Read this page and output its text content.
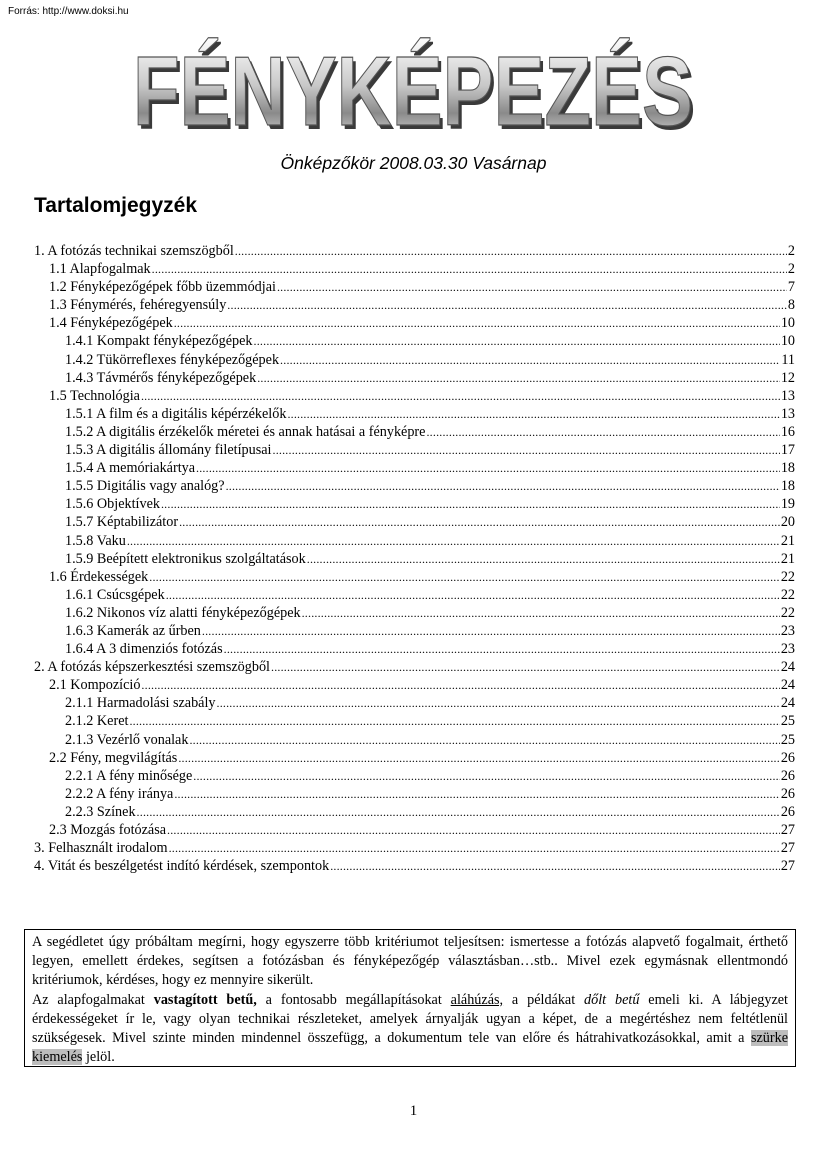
Forrás: http://www.doksi.hu
FÉNYKÉPEZÉS
FÉNYKÉPEZÉS
Önképzőkör 2008.03.30 Vasárnap
Tartalomjegyzék
1. A fotózás technikai szemszögből .....	2
1.1 Alapfogalmak .....	2
1.2 Fényképezőgépek főbb üzemmódjai .....	7
1.3 Fénymérés, fehéregyensúly .....	8
1.4 Fényképezőgépek .....	10
1.4.1 Kompakt fényképezőgépek .....	10
1.4.2 Tükörreflexes fényképezőgépek .....	11
1.4.3 Távmérős fényképezőgépek .....	12
1.5 Technológia .....	13
1.5.1 A film és a digitális képérzékelők .....	13
1.5.2 A digitális érzékelők méretei és annak hatásai a fényképre .....	16
1.5.3 A digitális állomány filetípusai .....	17
1.5.4 A memóriakártya .....	18
1.5.5 Digitális vagy analóg? .....	18
1.5.6 Objektívek .....	19
1.5.7 Képtabilizátor .....	20
1.5.8 Vaku .....	21
1.5.9 Beépített elektronikus szolgáltatások .....	21
1.6 Érdekességek .....	22
1.6.1 Csúcsgépek .....	22
1.6.2 Nikonos víz alatti fényképezőgépek .....	22
1.6.3 Kamerák az űrben .....	23
1.6.4 A 3 dimenziós fotózás .....	23
2. A fotózás képszerkesztési szemszögből .....	24
2.1 Kompozíció .....	24
2.1.1 Harmadolási szabály .....	24
2.1.2 Keret .....	25
2.1.3 Vezérlő vonalak .....	25
2.2 Fény, megvilágítás .....	26
2.2.1 A fény minősége .....	26
2.2.2 A fény iránya .....	26
2.2.3 Színek .....	26
2.3 Mozgás fotózása .....	27
3. Felhasznált irodalom .....	27
4. Vitát és beszélgetést indító kérdések, szempontok .....	27

A segédletet úgy próbáltam megírni, hogy egyszerre több kritériumot teljesítsen: ismertesse a fotózás alapvető fogalmait, érthető legyen, emellett érdekes, segítsen a fotózásban és fényképezőgép választásban…stb.. Mivel ezek egymásnak ellentmondó kritériumok, kérdéses, hogy ez mennyire sikerült.

Az alapfogalmakat vastagított betű, a fontosabb megállapításokat aláhúzás, a példákat dőlt betű emeli ki. A lábjegyzet érdekességeket ír le, vagy olyan technikai részleteket, amelyek árnyalják ugyan a képet, de a megértéshez nem feltétlenül szükségesek. Mivel szinte minden mindennel összefügg, a dokumentum tele van előre és hátrahivatkozásokkal, amit a szürke kiemelés jelöl.

1
